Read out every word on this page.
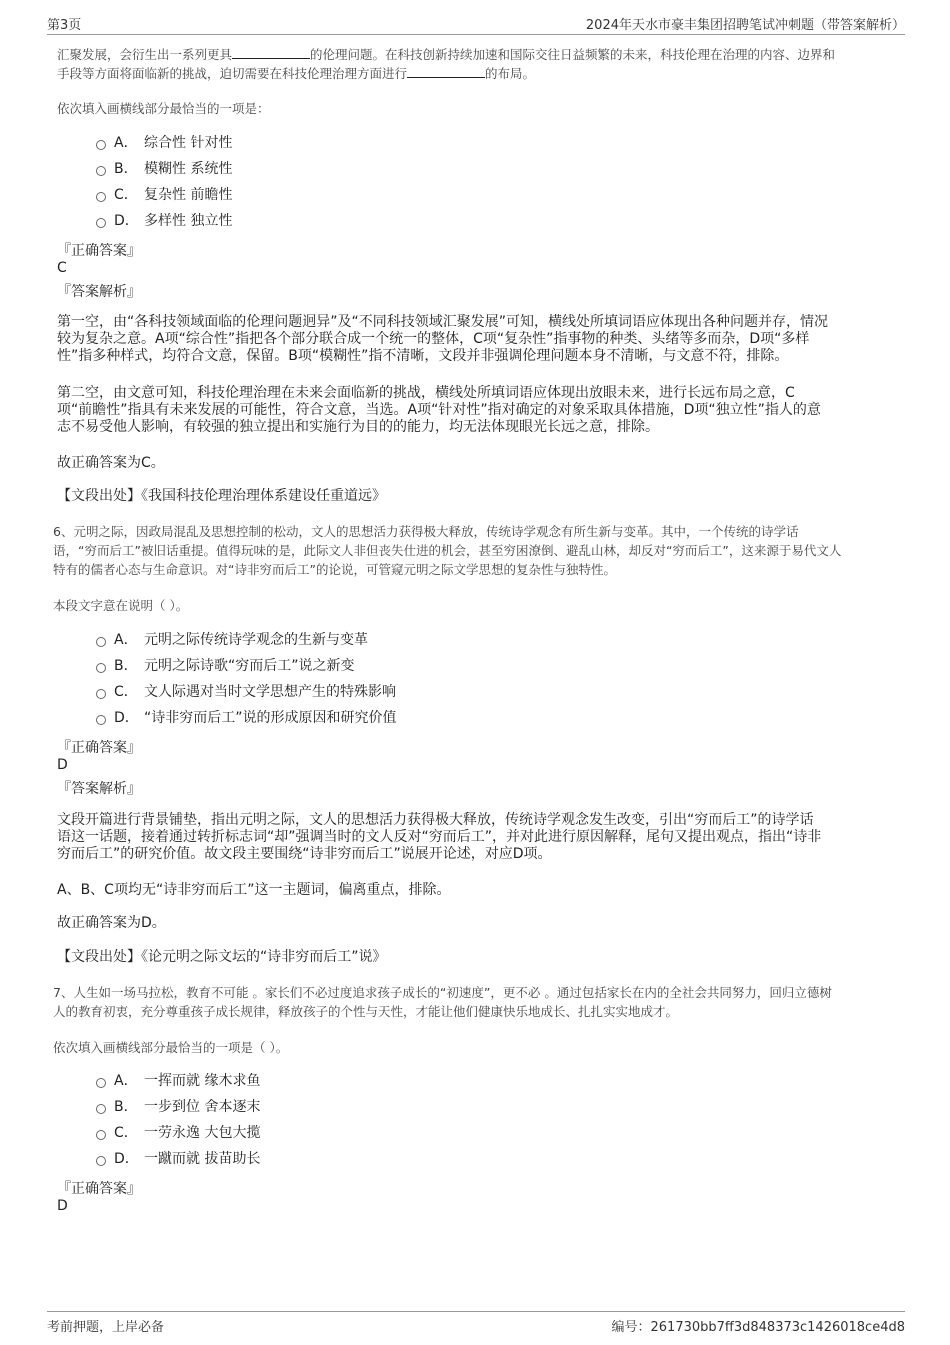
第3页	2024年天水市豪丰集团招聘笔试冲刺题（带答案解析）
汇聚发展，会衍生出一系列更具	的伦理问题。在科技创新持续加速和国际交往日益频繁的未来，科技伦理在治理的内容、边界和
手段等方面将面临新的挑战，迫切需要在科技伦理治理方面进行	的布局。
依次填入画横线部分最恰当的一项是：
A． 综合性 针对性
B． 模糊性 系统性
C． 复杂性 前瞻性
D． 多样性 独立性
『正确答案』
C
『答案解析』
第一空，由“各科技领域面临的伦理问题迥异”及“不同科技领域汇聚发展”可知，横线处所填词语应体现出各种问题并存，情况
较为复杂之意。A项“综合性”指把各个部分联合成一个统一的整体，C项“复杂性”指事物的种类、头绪等多而杂，D项“多样
性”指多种样式，均符合文意，保留。B项“模糊性”指不清晰，文段并非强调伦理问题本身不清晰，与文意不符，排除。
第二空，由文意可知，科技伦理治理在未来会面临新的挑战，横线处所填词语应体现出放眼未来，进行长远布局之意，C
项“前瞻性”指具有未来发展的可能性，符合文意，当选。A项“针对性”指对确定的对象采取具体措施，D项“独立性”指人的意
志不易受他人影响，有较强的独立提出和实施行为目的的能力，均无法体现眼光长远之意，排除。
故正确答案为C。
【文段出处】《我国科技伦理治理体系建设任重道远》
6、元明之际，因政局混乱及思想控制的松动，文人的思想活力获得极大释放，传统诗学观念有所生新与变革。其中，一个传统的诗学话
语，“穷而后工”被旧话重提。值得玩味的是，此际文人非但丧失仕进的机会，甚至穷困潦倒、避乱山林，却反对“穷而后工”，这来源于易代文人
特有的儒者心态与生命意识。对“诗非穷而后工”的论说，可管窥元明之际文学思想的复杂性与独特性。
本段文字意在说明（ ）。
A． 元明之际传统诗学观念的生新与变革
B． 元明之际诗歌“穷而后工”说之新变
C． 文人际遇对当时文学思想产生的特殊影响
D． “诗非穷而后工”说的形成原因和研究价值
『正确答案』
D
『答案解析』
文段开篇进行背景铺垫，指出元明之际，文人的思想活力获得极大释放，传统诗学观念发生改变，引出“穷而后工”的诗学话
语这一话题，接着通过转折标志词“却”强调当时的文人反对“穷而后工”，并对此进行原因解释，尾句又提出观点，指出“诗非
穷而后工”的研究价值。故文段主要围绕“诗非穷而后工”说展开论述，对应D项。
A、B、C项均无“诗非穷而后工”这一主题词，偏离重点，排除。
故正确答案为D。
【文段出处】《论元明之际文坛的“诗非穷而后工”说》
7、人生如一场马拉松，教育不可能 。家长们不必过度追求孩子成长的“初速度”，更不必 。通过包括家长在内的全社会共同努力，回归立德树
人的教育初衷，充分尊重孩子成长规律，释放孩子的个性与天性，才能让他们健康快乐地成长、扎扎实实地成才。
依次填入画横线部分最恰当的一项是（ ）。
A． 一挥而就 缘木求鱼
B． 一步到位 舍本逐末
C． 一劳永逸 大包大揽
D． 一蹴而就 拔苗助长
『正确答案』
D
考前押题，上岸必备	编号：261730bb7ff3d848373c1426018ce4d8
